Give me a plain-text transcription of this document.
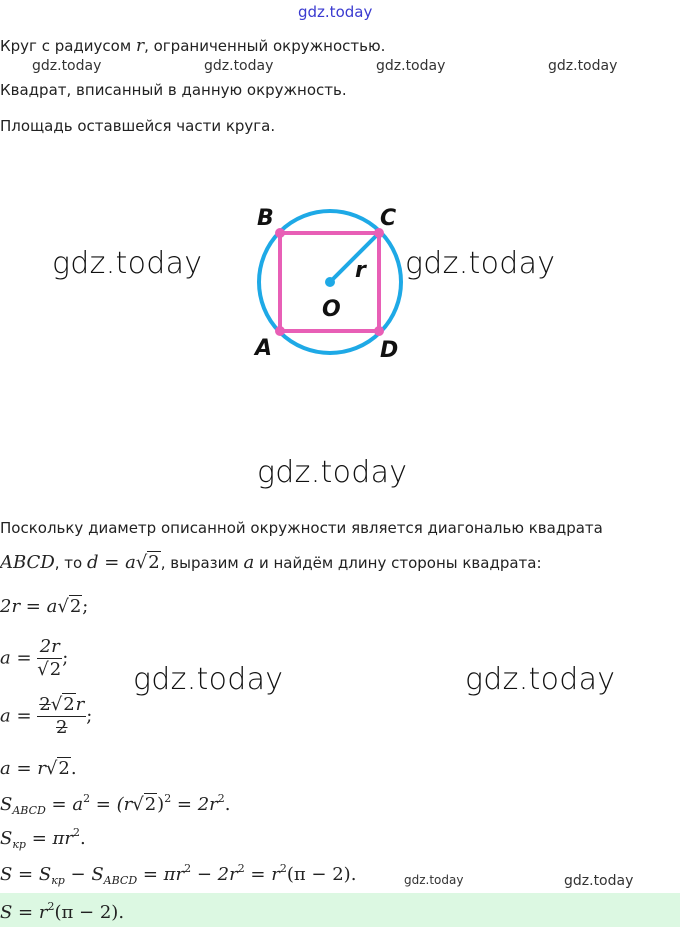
gdz.today
Круг с радиусом r, ограниченный окружностью.
gdz.today	gdz.today	gdz.today	gdz.today
Квадрат, вписанный в данную окружность.
Площадь оставшейся части круга.
gdz.today	gdz.today
B	C
A	D
O
r
gdz.today
Поскольку диаметр описанной окружности является диагональю квадрата
ABCD, то d = a√2, выразим a и найдём длину стороны квадрата:
2r = a√2;
$a = \frac{2r}{√2}$ ;
gdz.today	gdz.today
$a = \frac{2√2r}{2}$ ;
a = r√2.
$S_{ABCD} = a^2 = (r√2)^2 = 2r^2$.
$S_{кр} = \pi r^2$.
$S = S_{кр} - S_{ABCD} = \pi r^2 - 2r^2 = r^2(\pi - 2)$.	gdz.today	gdz.today
$S = r^2(\pi - 2)$.
